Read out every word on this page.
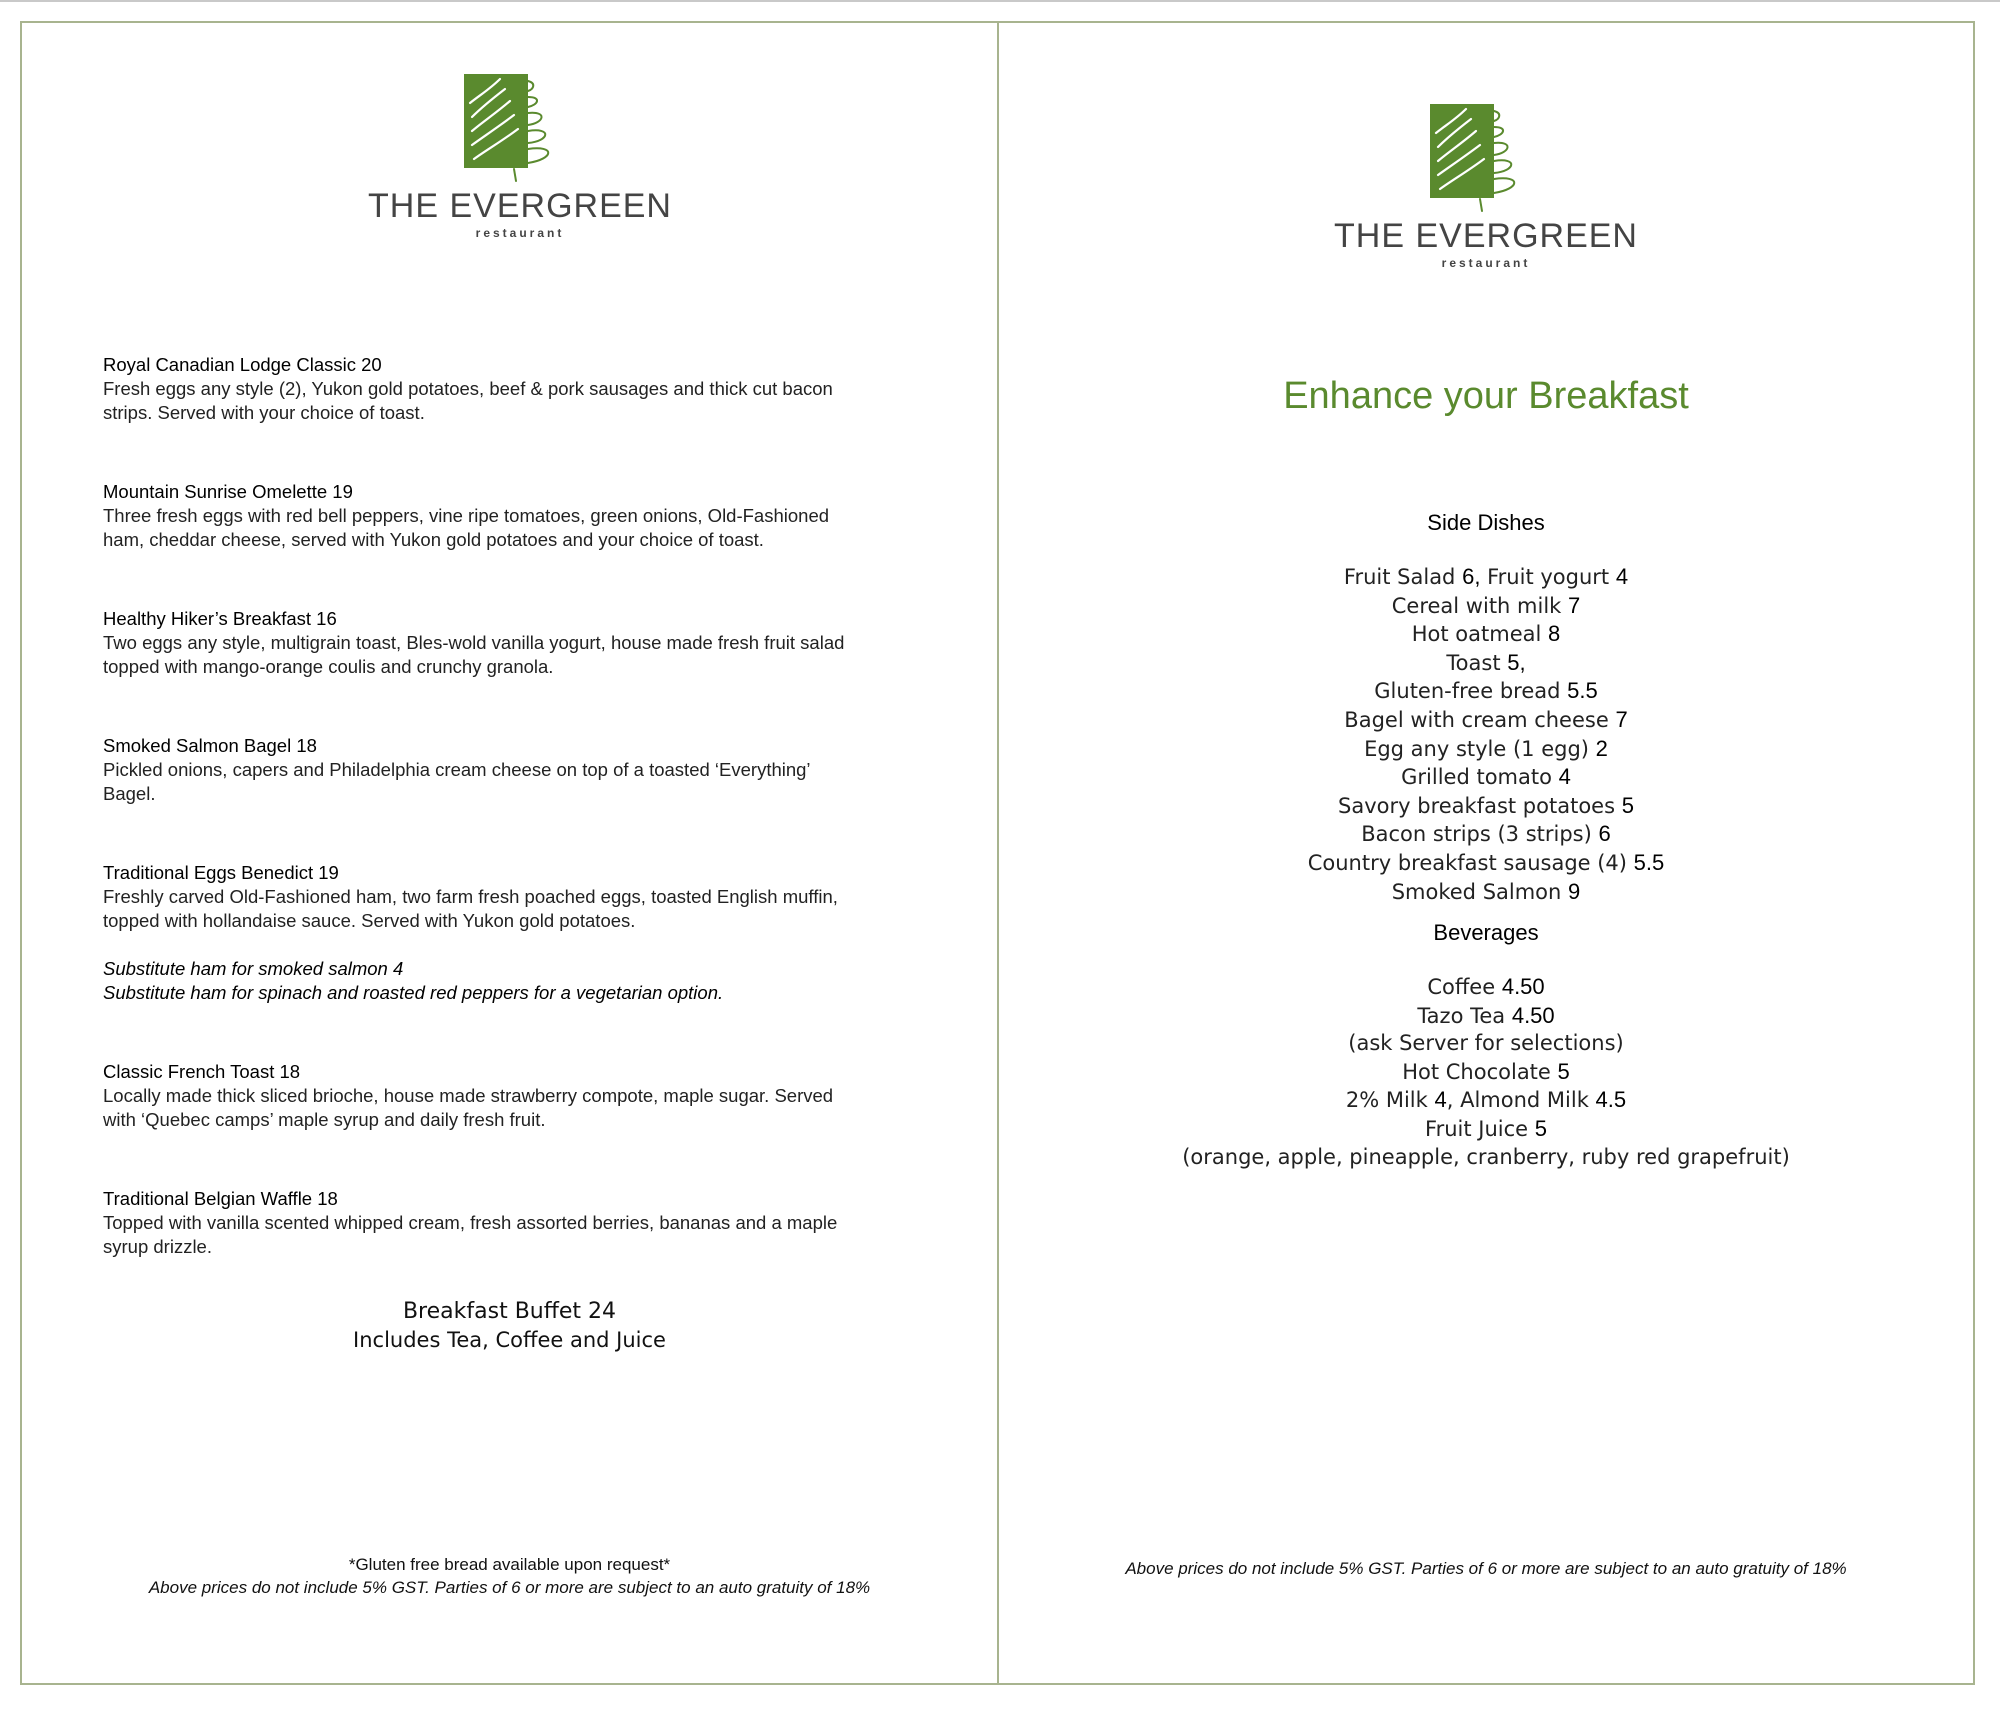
THE EVERGREEN
restaurant
Royal Canadian Lodge Classic 20
Fresh eggs any style (2), Yukon gold potatoes, beef & pork sausages and thick cut bacon
strips. Served with your choice of toast.
Mountain Sunrise Omelette 19
Three fresh eggs with red bell peppers, vine ripe tomatoes, green onions, Old-Fashioned
ham, cheddar cheese, served with Yukon gold potatoes and your choice of toast.
Healthy Hiker’s Breakfast 16
Two eggs any style, multigrain toast, Bles-wold vanilla yogurt, house made fresh fruit salad
topped with mango-orange coulis and crunchy granola.
Smoked Salmon Bagel 18
Pickled onions, capers and Philadelphia cream cheese on top of a toasted ‘Everything’
Bagel.
Traditional Eggs Benedict 19
Freshly carved Old-Fashioned ham, two farm fresh poached eggs, toasted English muffin,
topped with hollandaise sauce. Served with Yukon gold potatoes.
Substitute ham for smoked salmon 4
Substitute ham for spinach and roasted red peppers for a vegetarian option.
Classic French Toast 18
Locally made thick sliced brioche, house made strawberry compote, maple sugar. Served
with ‘Quebec camps’ maple syrup and daily fresh fruit.
Traditional Belgian Waffle 18
Topped with vanilla scented whipped cream, fresh assorted berries, bananas and a maple
syrup drizzle.
Breakfast Buffet 24
Includes Tea, Coffee and Juice
*Gluten free bread available upon request*
Above prices do not include 5% GST. Parties of 6 or more are subject to an auto gratuity of 18%
THE EVERGREEN
restaurant
Enhance your Breakfast
Side Dishes
Fruit Salad 6, Fruit yogurt 4
Cereal with milk 7
Hot oatmeal 8
Toast 5,
Gluten-free bread 5.5
Bagel with cream cheese 7
Egg any style (1 egg) 2
Grilled tomato 4
Savory breakfast potatoes 5
Bacon strips (3 strips) 6
Country breakfast sausage (4) 5.5
Smoked Salmon 9
Beverages
Coffee 4.50
Tazo Tea 4.50
(ask Server for selections)
Hot Chocolate 5
2% Milk 4, Almond Milk 4.5
Fruit Juice 5
(orange, apple, pineapple, cranberry, ruby red grapefruit)
Above prices do not include 5% GST. Parties of 6 or more are subject to an auto gratuity of 18%
